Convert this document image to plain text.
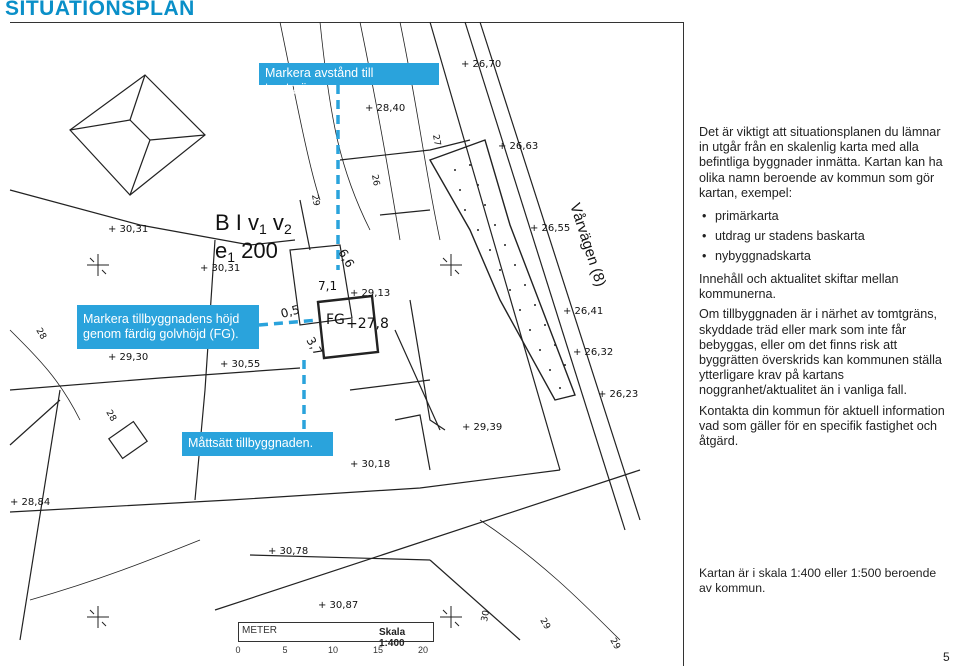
SITUATIONSPLAN
B I v1 v2
e1 200	Vårvägen (8)
FG +27,8
6,6
7,1
0,5
3,7
+ 26,70
+ 28,40
+ 26,63
+ 30,31	+ 26,55
+ 30,31
+ 29,13
+ 26,41
+ 29,30
+ 30,55
+ 26,32
+ 26,23
+ 29,39
+ 30,18
+ 28,84
+ 30,78
+ 30,87
27
26
29
28
28
29
30
29
Markera avstånd till tomtgräns.
Markera tillbyggnadens höjd genom färdig golvhöjd (FG).
Måttsätt tillbyggnaden.

Det är viktigt att situationsplanen du lämnar in utgår från en skalenlig karta med alla befintliga byggnader inmätta. Kartan kan ha olika namn beroende av kommun som gör kartan, exempel:

• primärkarta
• utdrag ur stadens baskarta
• nybyggnadskarta

Innehåll och aktualitet skiftar mellan kommunerna.

Om tillbyggnaden är i närhet av tomtgräns, skyddade träd eller mark som inte får bebyggas, eller om det finns risk att byggrätten överskrids kan kommunen ställa ytterligare krav på kartans noggranhet/aktualitet än i vanliga fall.

Kontakta din kommun för aktuell information vad som gäller för en specifik fastighet och åtgärd.

METER	Skala 1:400
0	5	10	15	20
Kartan är i skala 1:400 eller 1:500 beroende av kommun.
5
